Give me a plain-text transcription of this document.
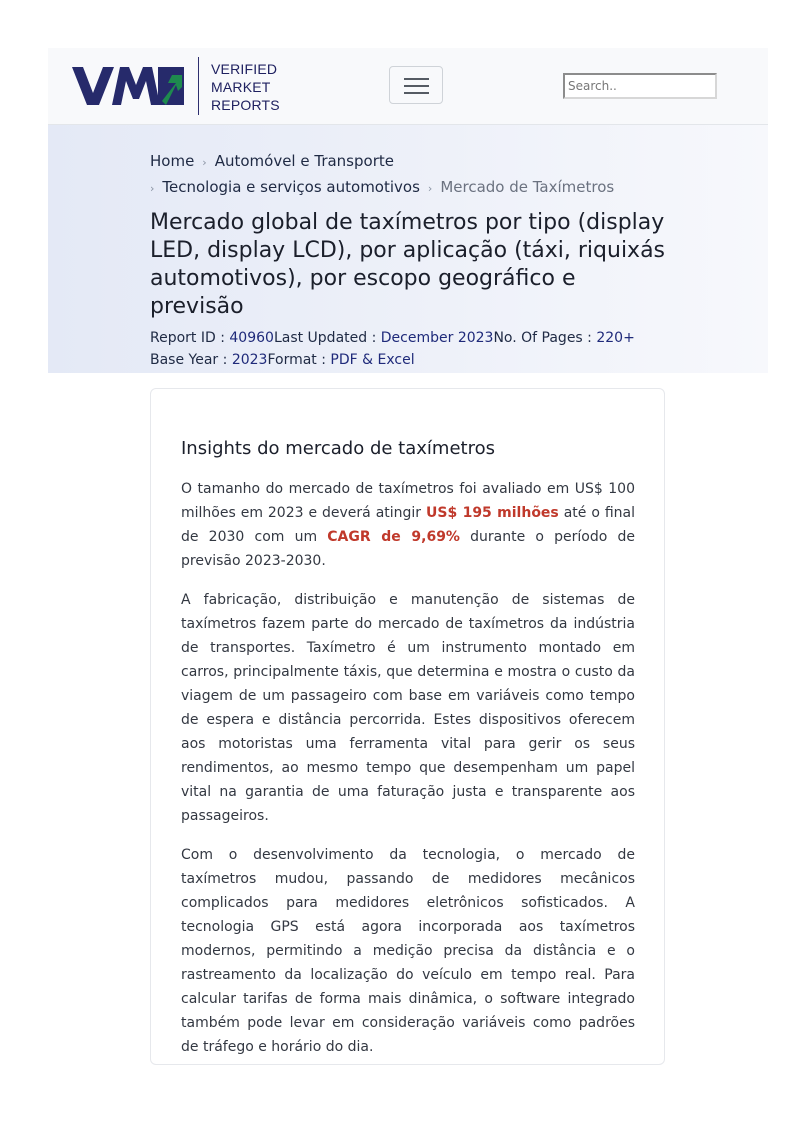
VERIFIED
MARKET
REPORTS
Search..
Home › Automóvel e Transporte
› Tecnologia e serviços automotivos › Mercado de Taxímetros
Mercado global de taxímetros por tipo (display LED, display LCD), por aplicação (táxi, riquixás automotivos), por escopo geográfico e previsão
Report ID : 40960Last Updated : December 2023No. Of Pages : 220+
Base Year : 2023Format : PDF & Excel
Insights do mercado de taxímetros

O tamanho do mercado de taxímetros foi avaliado em US$ 100 milhões em 2023 e deverá atingir US$ 195 milhões até o final de 2030 com um CAGR de 9,69% durante o período de previsão 2023-2030.

A fabricação, distribuição e manutenção de sistemas de taxímetros fazem parte do mercado de taxímetros da indústria de transportes. Taxímetro é um instrumento montado em carros, principalmente táxis, que determina e mostra o custo da viagem de um passageiro com base em variáveis como tempo de espera e distância percorrida. Estes dispositivos oferecem aos motoristas uma ferramenta vital para gerir os seus rendimentos, ao mesmo tempo que desempenham um papel vital na garantia de uma faturação justa e transparente aos passageiros.

Com o desenvolvimento da tecnologia, o mercado de taxímetros mudou, passando de medidores mecânicos complicados para medidores eletrônicos sofisticados. A tecnologia GPS está agora incorporada aos taxímetros modernos, permitindo a medição precisa da distância e o rastreamento da localização do veículo em tempo real. Para calcular tarifas de forma mais dinâmica, o software integrado também pode levar em consideração variáveis como padrões de tráfego e horário do dia.
